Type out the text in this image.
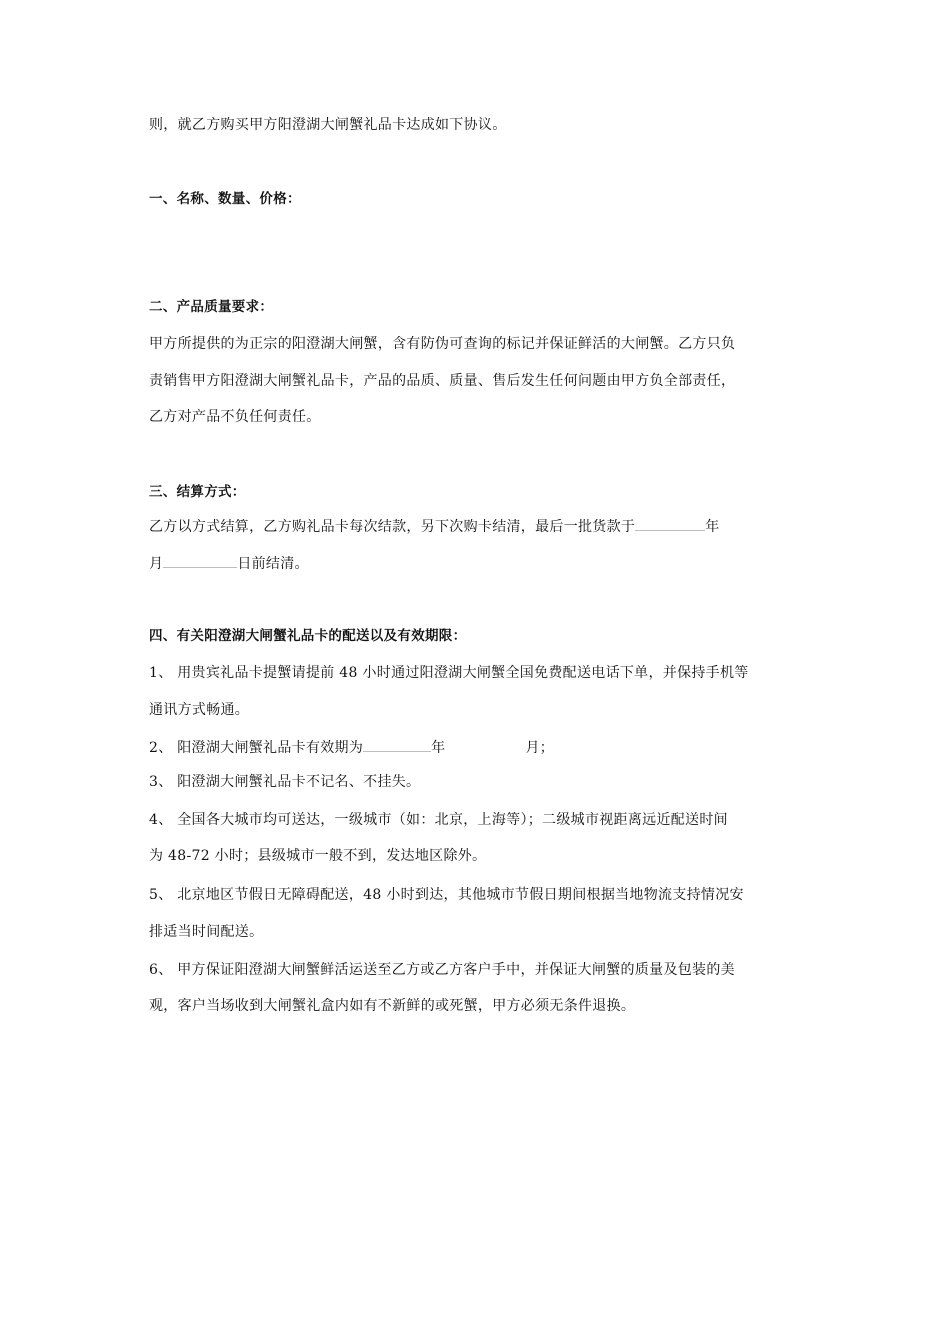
则，就乙方购买甲方阳澄湖大闸蟹礼品卡达成如下协议。
一、名称、数量、价格：
二、产品质量要求：
甲方所提供的为正宗的阳澄湖大闸蟹，含有防伪可查询的标记并保证鲜活的大闸蟹。乙方只负
责销售甲方阳澄湖大闸蟹礼品卡，产品的品质、质量、售后发生任何问题由甲方负全部责任，
乙方对产品不负任何责任。
三、结算方式：
乙方以方式结算，乙方购礼品卡每次结款，另下次购卡结清，最后一批货款于	年
月	日前结清。
四、有关阳澄湖大闸蟹礼品卡的配送以及有效期限：
1、 用贵宾礼品卡提蟹请提前 48 小时通过阳澄湖大闸蟹全国免费配送电话下单，并保持手机等
通讯方式畅通。
2、 阳澄湖大闸蟹礼品卡有效期为	年	月；
3、 阳澄湖大闸蟹礼品卡不记名、不挂失。
4、 全国各大城市均可送达，一级城市（如：北京，上海等）；二级城市视距离远近配送时间
为 48-72 小时；县级城市一般不到，发达地区除外。
5、 北京地区节假日无障碍配送，48 小时到达，其他城市节假日期间根据当地物流支持情况安
排适当时间配送。
6、 甲方保证阳澄湖大闸蟹鲜活运送至乙方或乙方客户手中，并保证大闸蟹的质量及包装的美
观，客户当场收到大闸蟹礼盒内如有不新鲜的或死蟹，甲方必须无条件退换。
